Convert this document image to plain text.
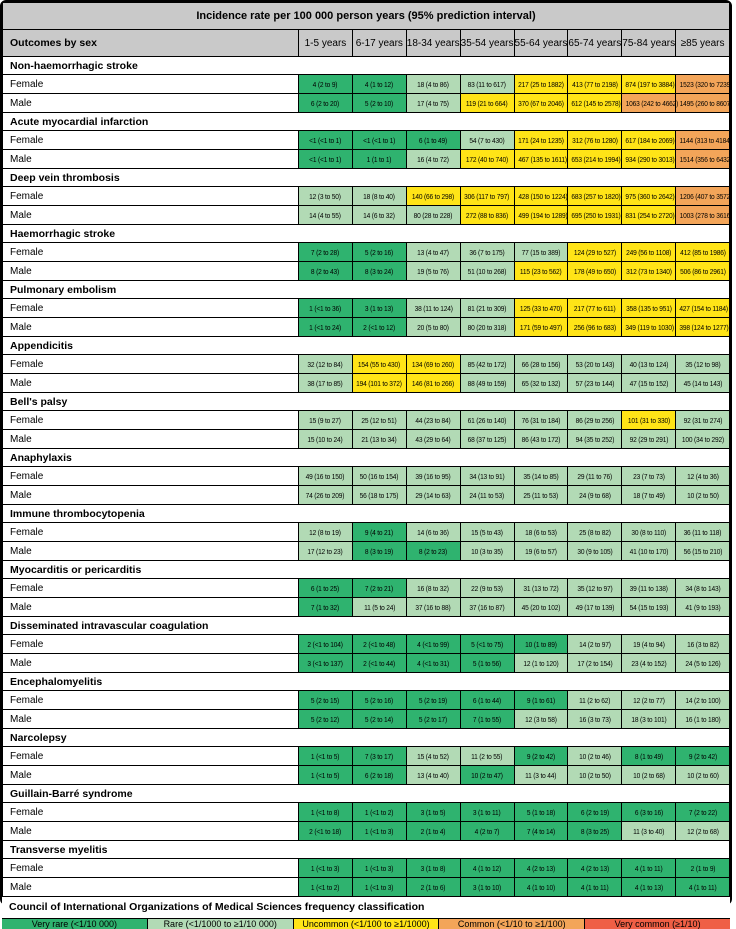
Incidence rate per 100 000 person years (95% prediction interval)								
Outcomes by sex	1-5 years	6-17 years	18-34 years	35-54 years	55-64 years	65-74 years	75-84 years	≥85 years
Non-haemorrhagic stroke								
Female	4 (2 to 9)	4 (1 to 12)	18 (4 to 86)	83 (11 to 617)	217 (25 to 1882)	413 (77 to 2198)	874 (197 to 3884)	1523 (320 to 7239)
Male	6 (2 to 20)	5 (2 to 10)	17 (4 to 75)	119 (21 to 664)	370 (67 to 2046)	612 (145 to 2578)	1063 (242 to 4662)	1495 (260 to 8607)
Acute myocardial infarction								
Female	<1 (<1 to 1)	<1 (<1 to 1)	6 (1 to 49)	54 (7 to 430)	171 (24 to 1235)	312 (76 to 1280)	617 (184 to 2069)	1144 (313 to 4184)
Male	<1 (<1 to 1)	1 (1 to 1)	16 (4 to 72)	172 (40 to 740)	467 (135 to 1611)	653 (214 to 1994)	934 (290 to 3013)	1514 (356 to 6432)
Deep vein thrombosis								
Female	12 (3 to 50)	18 (8 to 40)	140 (66 to 298)	306 (117 to 797)	428 (150 to 1224)	683 (257 to 1820)	975 (360 to 2642)	1206 (407 to 3572)
Male	14 (4 to 55)	14 (6 to 32)	80 (28 to 228)	272 (88 to 836)	499 (194 to 1289)	695 (250 to 1931)	831 (254 to 2720)	1003 (278 to 3616)
Haemorrhagic stroke								
Female	7 (2 to 28)	5 (2 to 16)	13 (4 to 47)	36 (7 to 175)	77 (15 to 389)	124 (29 to 527)	249 (56 to 1108)	412 (85 to 1986)
Male	8 (2 to 43)	8 (3 to 24)	19 (5 to 76)	51 (10 to 268)	115 (23 to 562)	178 (49 to 650)	312 (73 to 1340)	506 (86 to 2961)
Pulmonary embolism								
Female	1 (<1 to 36)	3 (1 to 13)	38 (11 to 124)	81 (21 to 309)	125 (33 to 470)	217 (77 to 611)	358 (135 to 951)	427 (154 to 1184)
Male	1 (<1 to 24)	2 (<1 to 12)	20 (5 to 80)	80 (20 to 318)	171 (59 to 497)	256 (96 to 683)	349 (119 to 1030)	398 (124 to 1277)
Appendicitis								
Female	32 (12 to 84)	154 (55 to 430)	134 (69 to 260)	85 (42 to 172)	66 (28 to 156)	53 (20 to 143)	40 (13 to 124)	35 (12 to 98)
Male	38 (17 to 85)	194 (101 to 372)	146 (81 to 266)	88 (49 to 159)	65 (32 to 132)	57 (23 to 144)	47 (15 to 152)	45 (14 to 143)
Bell's palsy								
Female	15 (9 to 27)	25 (12 to 51)	44 (23 to 84)	61 (26 to 140)	76 (31 to 184)	86 (29 to 256)	101 (31 to 330)	92 (31 to 274)
Male	15 (10 to 24)	21 (13 to 34)	43 (29 to 64)	68 (37 to 125)	86 (43 to 172)	94 (35 to 252)	92 (29 to 291)	100 (34 to 292)
Anaphylaxis								
Female	49 (16 to 150)	50 (16 to 154)	39 (16 to 95)	34 (13 to 91)	35 (14 to 85)	29 (11 to 76)	23 (7 to 73)	12 (4 to 36)
Male	74 (26 to 209)	56 (18 to 175)	29 (14 to 63)	24 (11 to 53)	25 (11 to 53)	24 (9 to 68)	18 (7 to 49)	10 (2 to 50)
Immune thrombocytopenia								
Female	12 (8 to 19)	9 (4 to 21)	14 (6 to 36)	15 (5 to 43)	18 (6 to 53)	25 (8 to 82)	30 (8 to 110)	36 (11 to 118)
Male	17 (12 to 23)	8 (3 to 19)	8 (2 to 23)	10 (3 to 35)	19 (6 to 57)	30 (9 to 105)	41 (10 to 170)	56 (15 to 210)
Myocarditis or pericarditis								
Female	6 (1 to 25)	7 (2 to 21)	16 (8 to 32)	22 (9 to 53)	31 (13 to 72)	35 (12 to 97)	39 (11 to 138)	34 (8 to 143)
Male	7 (1 to 32)	11 (5 to 24)	37 (16 to 88)	37 (16 to 87)	45 (20 to 102)	49 (17 to 139)	54 (15 to 193)	41 (9 to 193)
Disseminated intravascular coagulation								
Female	2 (<1 to 104)	2 (<1 to 48)	4 (<1 to 99)	5 (<1 to 75)	10 (1 to 89)	14 (2 to 97)	19 (4 to 94)	16 (3 to 82)
Male	3 (<1 to 137)	2 (<1 to 44)	4 (<1 to 31)	5 (1 to 56)	12 (1 to 120)	17 (2 to 154)	23 (4 to 152)	24 (5 to 126)
Encephalomyelitis								
Female	5 (2 to 15)	5 (2 to 16)	5 (2 to 19)	6 (1 to 44)	9 (1 to 61)	11 (2 to 62)	12 (2 to 77)	14 (2 to 100)
Male	5 (2 to 12)	5 (2 to 14)	5 (2 to 17)	7 (1 to 55)	12 (3 to 58)	16 (3 to 73)	18 (3 to 101)	16 (1 to 180)
Narcolepsy								
Female	1 (<1 to 5)	7 (3 to 17)	15 (4 to 52)	11 (2 to 55)	9 (2 to 42)	10 (2 to 46)	8 (1 to 49)	9 (2 to 42)
Male	1 (<1 to 5)	6 (2 to 18)	13 (4 to 40)	10 (2 to 47)	11 (3 to 44)	10 (2 to 50)	10 (2 to 68)	10 (2 to 60)
Guillain-Barré syndrome								
Female	1 (<1 to 8)	1 (<1 to 2)	3 (1 to 5)	3 (1 to 11)	5 (1 to 18)	6 (2 to 19)	6 (3 to 16)	7 (2 to 22)
Male	2 (<1 to 18)	1 (<1 to 3)	2 (1 to 4)	4 (2 to 7)	7 (4 to 14)	8 (3 to 25)	11 (3 to 40)	12 (2 to 68)
Transverse myelitis								
Female	1 (<1 to 3)	1 (<1 to 3)	3 (1 to 8)	4 (1 to 12)	4 (2 to 13)	4 (2 to 13)	4 (1 to 11)	2 (1 to 9)
Male	1 (<1 to 2)	1 (<1 to 3)	2 (1 to 6)	3 (1 to 10)	4 (1 to 10)	4 (1 to 11)	4 (1 to 13)	4 (1 to 11)
Council of International Organizations of Medical Sciences frequency classification
Very rare (<1/10 000)	Rare (<1/1000 to ≥1/10 000)	Uncommon (<1/100 to ≥1/1000)	Common (<1/10 to ≥1/100)	Very common (≥1/10)
